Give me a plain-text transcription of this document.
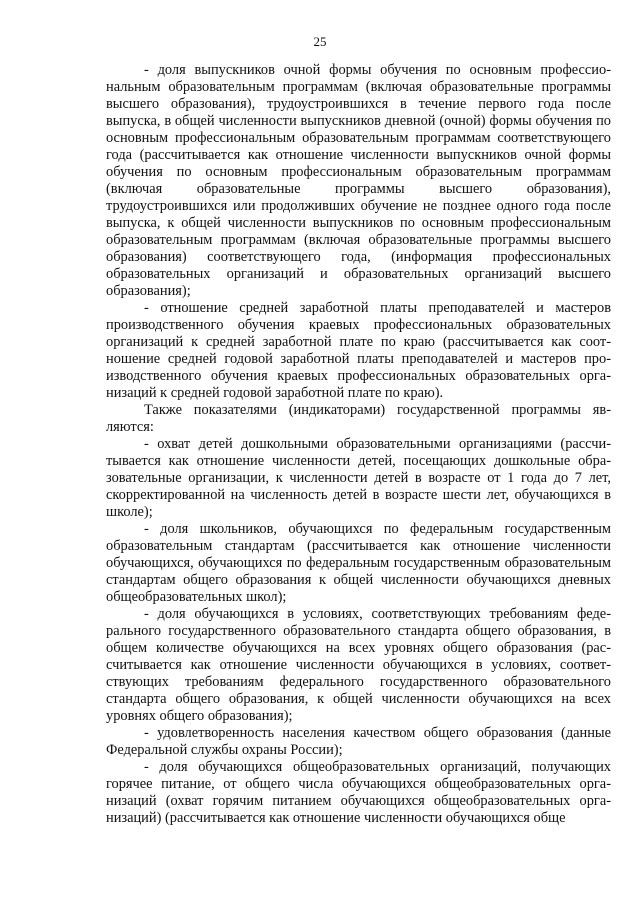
25

- доля выпускников очной формы обучения по основным профессиональным образовательным программам (включая образовательные программы высшего образования), трудоустроившихся в течение первого года после выпуска, в общей численности выпускников дневной (очной) формы обучения по основным профессиональным образовательным программам соответствующего года (рассчитывается как отношение численности выпускников очной формы обучения по основным профессиональным образовательным программам (включая образовательные программы высшего образования), трудоустроившихся или продолживших обучение не позднее одного года после выпуска, к общей численности выпускников по основным профессиональным образовательным программам (включая образовательные программы высшего образования) соответствующего года, (информация профессиональных образовательных организаций и образовательных организаций высшего образования);

- отношение средней заработной платы преподавателей и мастеров производственного обучения краевых профессиональных образовательных организаций к средней заработной плате по краю (рассчитывается как соотношение средней годовой заработной платы преподавателей и мастеров производственного обучения краевых профессиональных образовательных организаций к средней годовой заработной плате по краю).

Также показателями (индикаторами) государственной программы являются:

- охват детей дошкольными образовательными организациями (рассчитывается как отношение численности детей, посещающих дошкольные образовательные организации, к численности детей в возрасте от 1 года до 7 лет, скорректированной на численность детей в возрасте шести лет, обучающихся в школе);

- доля школьников, обучающихся по федеральным государственным образовательным стандартам (рассчитывается как отношение численности обучающихся, обучающихся по федеральным государственным образовательным стандартам общего образования к общей численности обучающихся дневных общеобразовательных школ);

- доля обучающихся в условиях, соответствующих требованиям федерального государственного образовательного стандарта общего образования, в общем количестве обучающихся на всех уровнях общего образования (рассчитывается как отношение численности обучающихся в условиях, соответствующих требованиям федерального государственного образовательного стандарта общего образования, к общей численности обучающихся на всех уровнях общего образования);

- удовлетворенность населения качеством общего образования (данные Федеральной службы охраны России);

- доля обучающихся общеобразовательных организаций, получающих горячее питание, от общего числа обучающихся общеобразовательных организаций (охват горячим питанием обучающихся общеобразовательных организаций) (рассчитывается как отношение численности обучающихся обще
